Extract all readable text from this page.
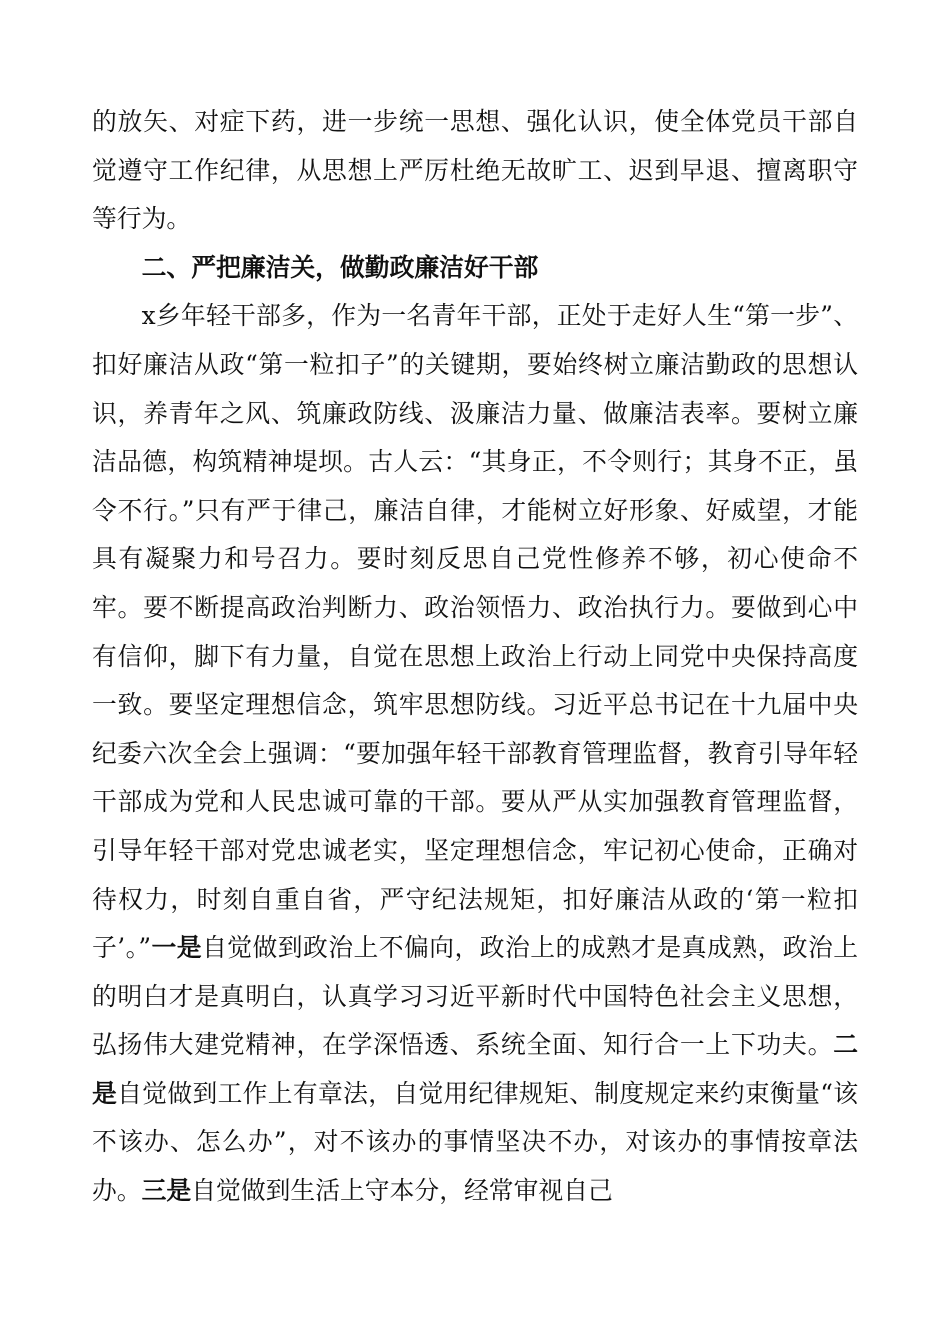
的放矢、对症下药，进一步统一思想、强化认识，使全体党员干部自觉遵守工作纪律，从思想上严厉杜绝无故旷工、迟到早退、擅离职守等行为。

二、严把廉洁关，做勤政廉洁好干部

x乡年轻干部多，作为一名青年干部，正处于走好人生“第一步”、扣好廉洁从政“第一粒扣子”的关键期，要始终树立廉洁勤政的思想认识，养青年之风、筑廉政防线、汲廉洁力量、做廉洁表率。要树立廉洁品德，构筑精神堤坝。古人云：“其身正，不令则行；其身不正，虽令不行。”只有严于律己，廉洁自律，才能树立好形象、好威望，才能具有凝聚力和号召力。要时刻反思自己党性修养不够，初心使命不牢。要不断提高政治判断力、政治领悟力、政治执行力。要做到心中有信仰，脚下有力量，自觉在思想上政治上行动上同党中央保持高度一致。要坚定理想信念，筑牢思想防线。习近平总书记在十九届中央纪委六次全会上强调：“要加强年轻干部教育管理监督，教育引导年轻干部成为党和人民忠诚可靠的干部。要从严从实加强教育管理监督，引导年轻干部对党忠诚老实，坚定理想信念，牢记初心使命，正确对待权力，时刻自重自省，严守纪法规矩，扣好廉洁从政的‘第一粒扣子’。”一是自觉做到政治上不偏向，政治上的成熟才是真成熟，政治上的明白才是真明白，认真学习习近平新时代中国特色社会主义思想，弘扬伟大建党精神，在学深悟透、系统全面、知行合一上下功夫。二是自觉做到工作上有章法，自觉用纪律规矩、制度规定来约束衡量“该不该办、怎么办”，对不该办的事情坚决不办，对该办的事情按章法办。三是自觉做到生活上守本分，经常审视自己
